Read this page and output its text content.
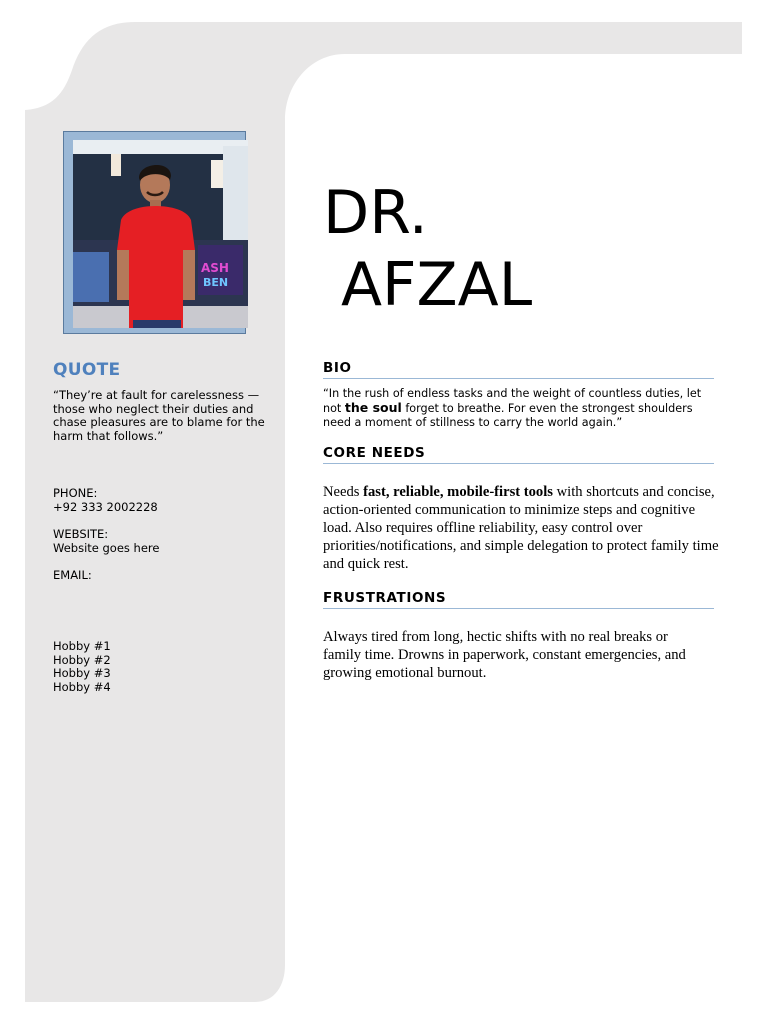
ASH
BEN
QUOTE
“They’re at fault for carelessness — those who neglect their duties and chase pleasures are to blame for the harm that follows.”
PHONE:
+92 333 2002228
WEBSITE:
Website goes here
EMAIL:
Hobby #1
Hobby #2
Hobby #3
Hobby #4
DR.
AFZAL
BIO
“In the rush of endless tasks and the weight of countless duties, let not the soul forget to breathe. For even the strongest shoulders need a moment of stillness to carry the world again.”
CORE NEEDS
Needs fast, reliable, mobile-first tools with shortcuts and concise, action-oriented communication to minimize steps and cognitive load. Also requires offline reliability, easy control over priorities/notifications, and simple delegation to protect family time and quick rest.
FRUSTRATIONS
Always tired from long, hectic shifts with no real breaks or family time. Drowns in paperwork, constant emergencies, and growing emotional burnout.
